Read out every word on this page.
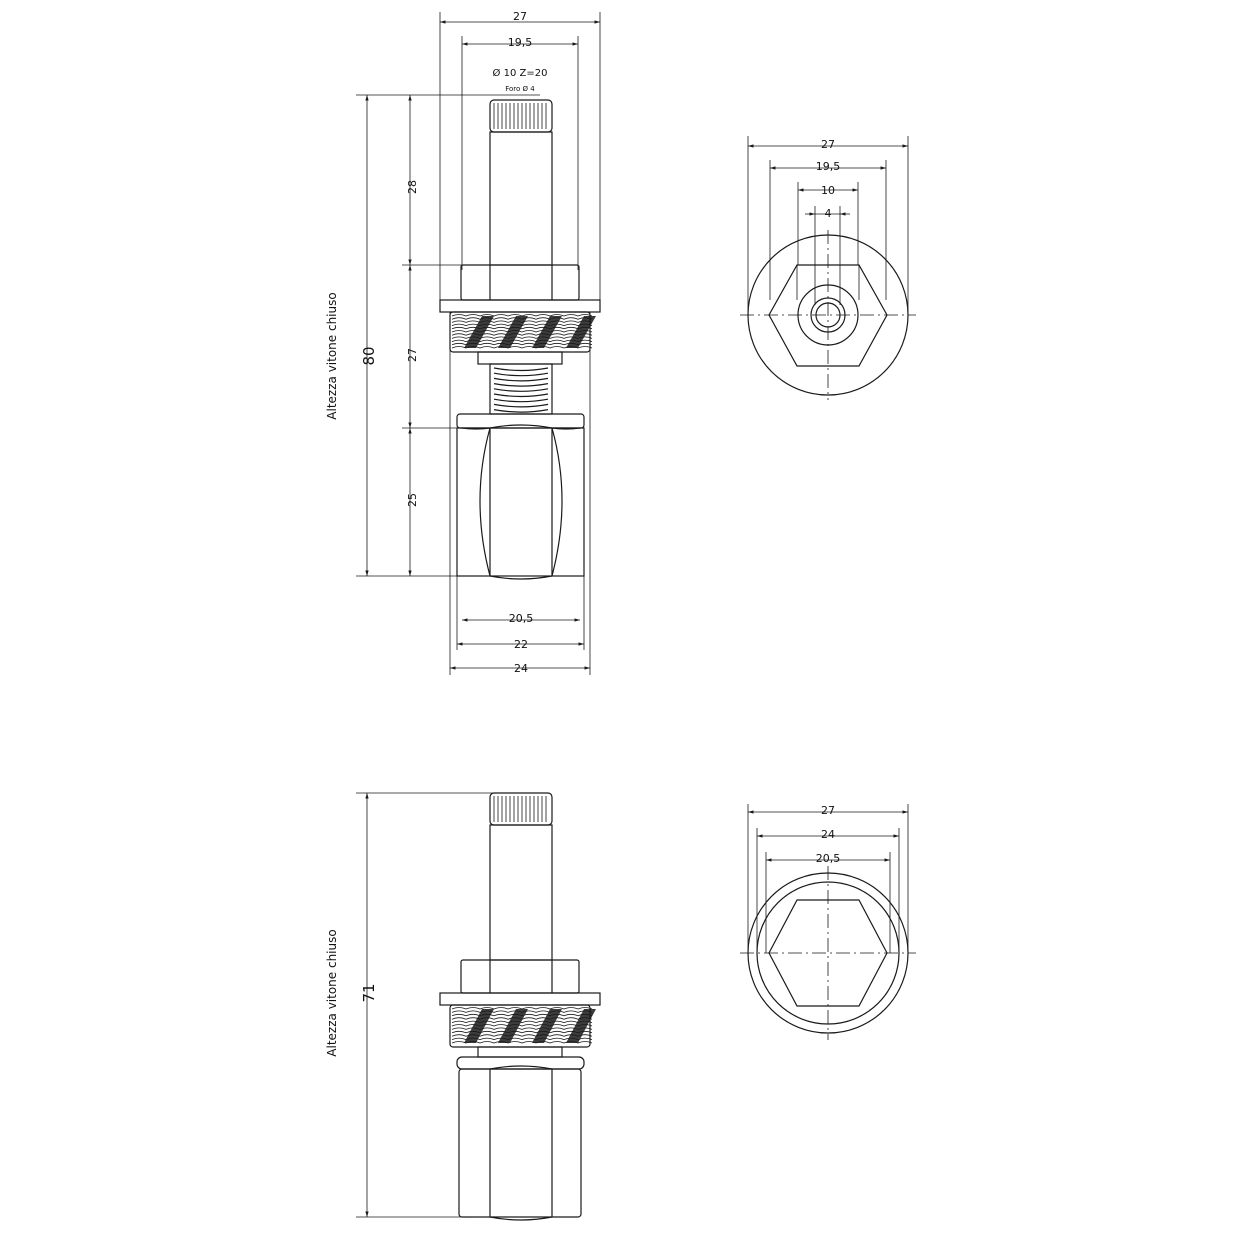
27
19,5
Ø 10 Z=20
Foro Ø 4
80
28
27
25
Altezza vitone chiuso
20,5
22
24
27
19,5
10
4
71
Altezza vitone chiuso
27
24
20,5
